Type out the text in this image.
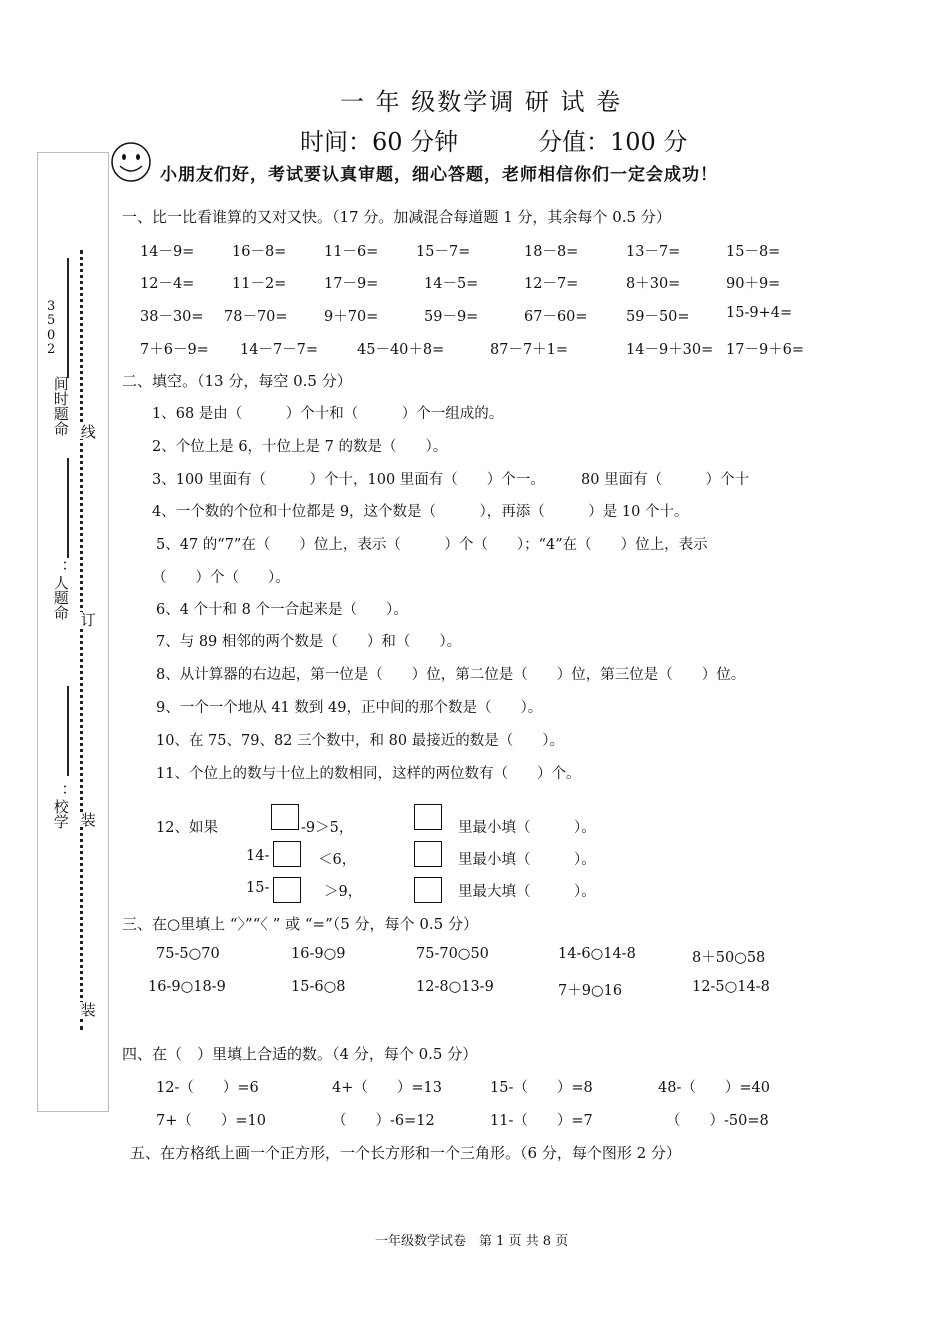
一 年 级数学调 研 试 卷
时间：60 分钟	分值：100 分
小朋友们好，考试要认真审题，细心答题，老师相信你们一定会成功！
3502
间时题命
：人题命
：校学
线
订
装
装
一、比一比看谁算的又对又快。（17 分。加减混合每道题 1 分，其余每个 0.5 分）
14－9=	16－8=	11－6=	15－7=	18－8=	13－7=	15－8=
12－4=	11－2=	17－9=	14－5=	12－7=	8＋30=	90＋9=
38－30= 78－70=	9＋70=	59－9=	67－60=	59－50=	15-9+4=
7＋6－9= 14－7－7=	45－40＋8=	87－7＋1=	14－9＋30= 17－9＋6=
二、填空。（13 分，每空 0.5 分）
1、68 是由（　　　）个十和（　　　）个一组成的。
2、个位上是 6，十位上是 7 的数是（　　）。
3、100 里面有（　　　）个十，100 里面有（　　）个一。　　　80 里面有（　　　）个十
4、一个数的个位和十位都是 9，这个数是（　　　），再添（　　　）是 10 个十。
5、47 的“7”在（　　）位上，表示（　　　）个（　　）；“4”在（　　）位上，表示
（　　）个（　　）。
6、4 个十和 8 个一合起来是（　　）。
7、与 89 相邻的两个数是（　　）和（　　）。
8、从计算器的右边起，第一位是（　　）位，第二位是（　　）位，第三位是（　　）位。
9、一个一个地从 41 数到 49，正中间的那个数是（　　）。
10、在 75、79、82 三个数中，和 80 最接近的数是（　　）。
11、个位上的数与十位上的数相同，这样的两位数有（　　）个。
12、如果	-9＞5，	里最小填（　　　）。
14-	＜6，	里最小填（　　　）。
15-	＞9，	里最大填（　　　）。
三、在○里填上 “〉”“〈 ” 或 “=”（5 分，每个 0.5 分）
75-5○70	16-9○9	75-70○50	14-6○14-8	8＋50○58
16-9○18-9	15-6○8	12-8○13-9	7＋9○16	12-5○14-8
四、在（　）里填上合适的数。（4 分，每个 0.5 分）
12-（　　）=6	4+（　　）=13	15-（　　）=8	48-（　　）=40
7+（　　）=10	（　　）-6=12	11-（　　）=7	（　　）-50=8
五、在方格纸上画一个正方形，一个长方形和一个三角形。（6 分，每个图形 2 分）
一年级数学试卷　第 1 页 共 8 页
